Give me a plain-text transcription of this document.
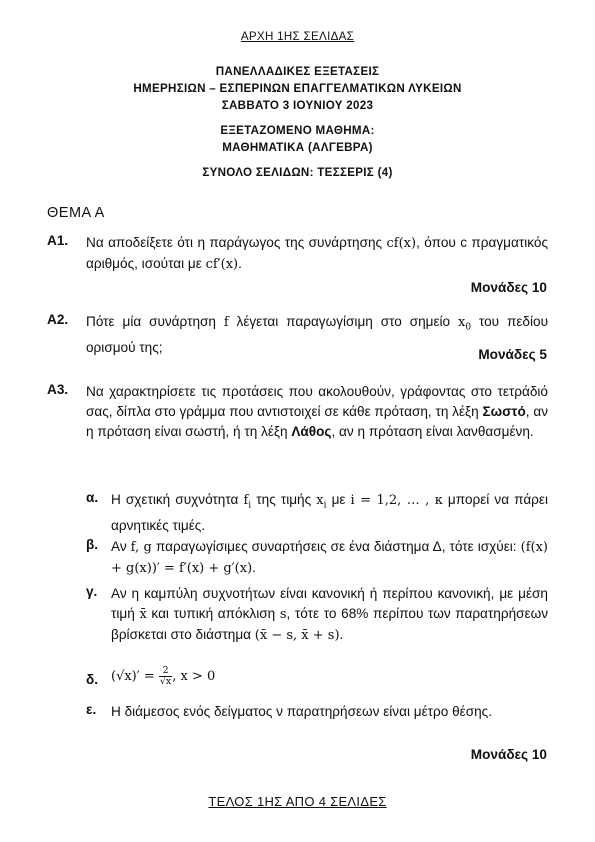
ΑΡΧΗ 1ΗΣ ΣΕΛΙΔΑΣ
ΠΑΝΕΛΛΑΔΙΚΕΣ ΕΞΕΤΑΣΕΙΣ
ΗΜΕΡΗΣΙΩΝ – ΕΣΠΕΡΙΝΩΝ ΕΠΑΓΓΕΛΜΑΤΙΚΩΝ ΛΥΚΕΙΩΝ
ΣΑΒΒΑΤΟ 3 ΙΟΥΝΙΟΥ 2023
ΕΞΕΤΑΖΟΜΕΝΟ ΜΑΘΗΜΑ:
ΜΑΘΗΜΑΤΙΚΑ (ΑΛΓΕΒΡΑ)
ΣΥΝΟΛΟ ΣΕΛΙΔΩΝ: ΤΕΣΣΕΡΙΣ (4)
ΘΕΜΑ Α
Α1. Να αποδείξετε ότι η παράγωγος της συνάρτησης cf(x), όπου c πραγματικός αριθμός, ισούται με cf′(x).
Μονάδες 10
Α2. Πότε μία συνάρτηση f λέγεται παραγωγίσιμη στο σημείο $x_0$ του πεδίου ορισμού της;	Μονάδες 5
Α3. Να χαρακτηρίσετε τις προτάσεις που ακολουθούν, γράφοντας στο τετράδιό σας, δίπλα στο γράμμα που αντιστοιχεί σε κάθε πρόταση, τη λέξη Σωστό, αν η πρόταση είναι σωστή, ή τη λέξη Λάθος, αν η πρόταση είναι λανθασμένη.
α. Η σχετική συχνότητα $f_i$ της τιμής $x_i$ με i = 1,2, … , κ μπορεί να πάρει αρνητικές τιμές.
β. Αν f, g παραγωγίσιμες συναρτήσεις σε ένα διάστημα Δ, τότε ισχύει: (f(x) + g(x))′ = f′(x) + g′(x).
γ. Αν η καμπύλη συχνοτήτων είναι κανονική ή περίπου κανονική, με μέση τιμή x̄ και τυπική απόκλιση s, τότε το 68% περίπου των παρατηρήσεων βρίσκεται στο διάστημα (x̄ − s, x̄ + s).
δ. $(√x)' = \frac{2}{√x}$ , x > 0
ε. Η διάμεσος ενός δείγματος ν παρατηρήσεων είναι μέτρο θέσης.
Μονάδες 10
ΤΕΛΟΣ 1ΗΣ ΑΠΟ 4 ΣΕΛΙΔΕΣ
